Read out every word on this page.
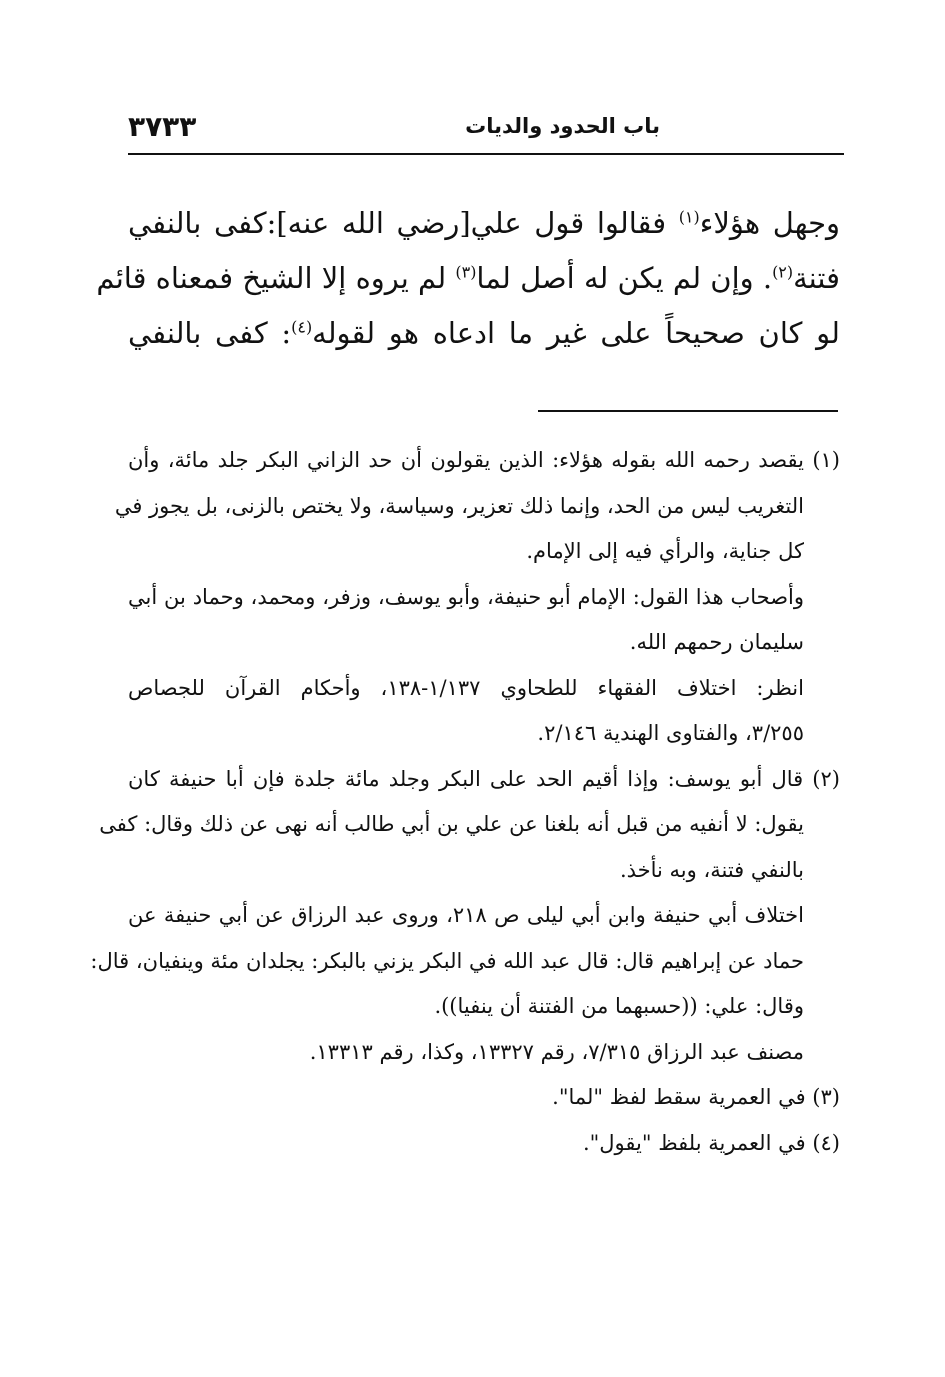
باب الحدود والديات
٣٧٣٣
وجهل هؤلاء$^{(١)}$ فقالوا قول علي[رضي الله عنه]:كفى بالنفي
فتنة$^{(٢)}$. وإن لم يكن له أصل لما$^{(٣)}$ لم يروه إلا الشيخ فمعناه قائم
لو كان صحيحاً على غير ما ادعاه هو لقوله$^{(٤)}$: كفى بالنفي
(١) يقصد رحمه الله بقوله هؤلاء: الذين يقولون أن حد الزاني البكر جلد مائة، وأن
التغريب ليس من الحد، وإنما ذلك تعزير، وسياسة، ولا يختص بالزنى، بل يجوز في
كل جناية، والرأي فيه إلى الإمام.
وأصحاب هذا القول: الإمام أبو حنيفة، وأبو يوسف، وزفر، ومحمد، وحماد بن أبي
سليمان رحمهم الله.
انظر: اختلاف الفقهاء للطحاوي ١/١٣٧-١٣٨، وأحكام القرآن للجصاص
٣/٢٥٥، والفتاوى الهندية ٢/١٤٦.
(٢) قال أبو يوسف: وإذا أقيم الحد على البكر وجلد مائة جلدة فإن أبا حنيفة كان
يقول: لا أنفيه من قبل أنه بلغنا عن علي بن أبي طالب أنه نهى عن ذلك وقال: كفى
بالنفي فتنة، وبه نأخذ.
اختلاف أبي حنيفة وابن أبي ليلى ص ٢١٨، وروى عبد الرزاق عن أبي حنيفة عن
حماد عن إبراهيم قال: قال عبد الله في البكر يزني بالبكر: يجلدان مئة وينفيان، قال:
وقال: علي: ((حسبهما من الفتنة أن ينفيا)).
مصنف عبد الرزاق ٧/٣١٥، رقم ١٣٣٢٧، وكذا، رقم ١٣٣١٣.
(٣) في العمرية سقط لفظ "لما".
(٤) في العمرية بلفظ "يقول".
